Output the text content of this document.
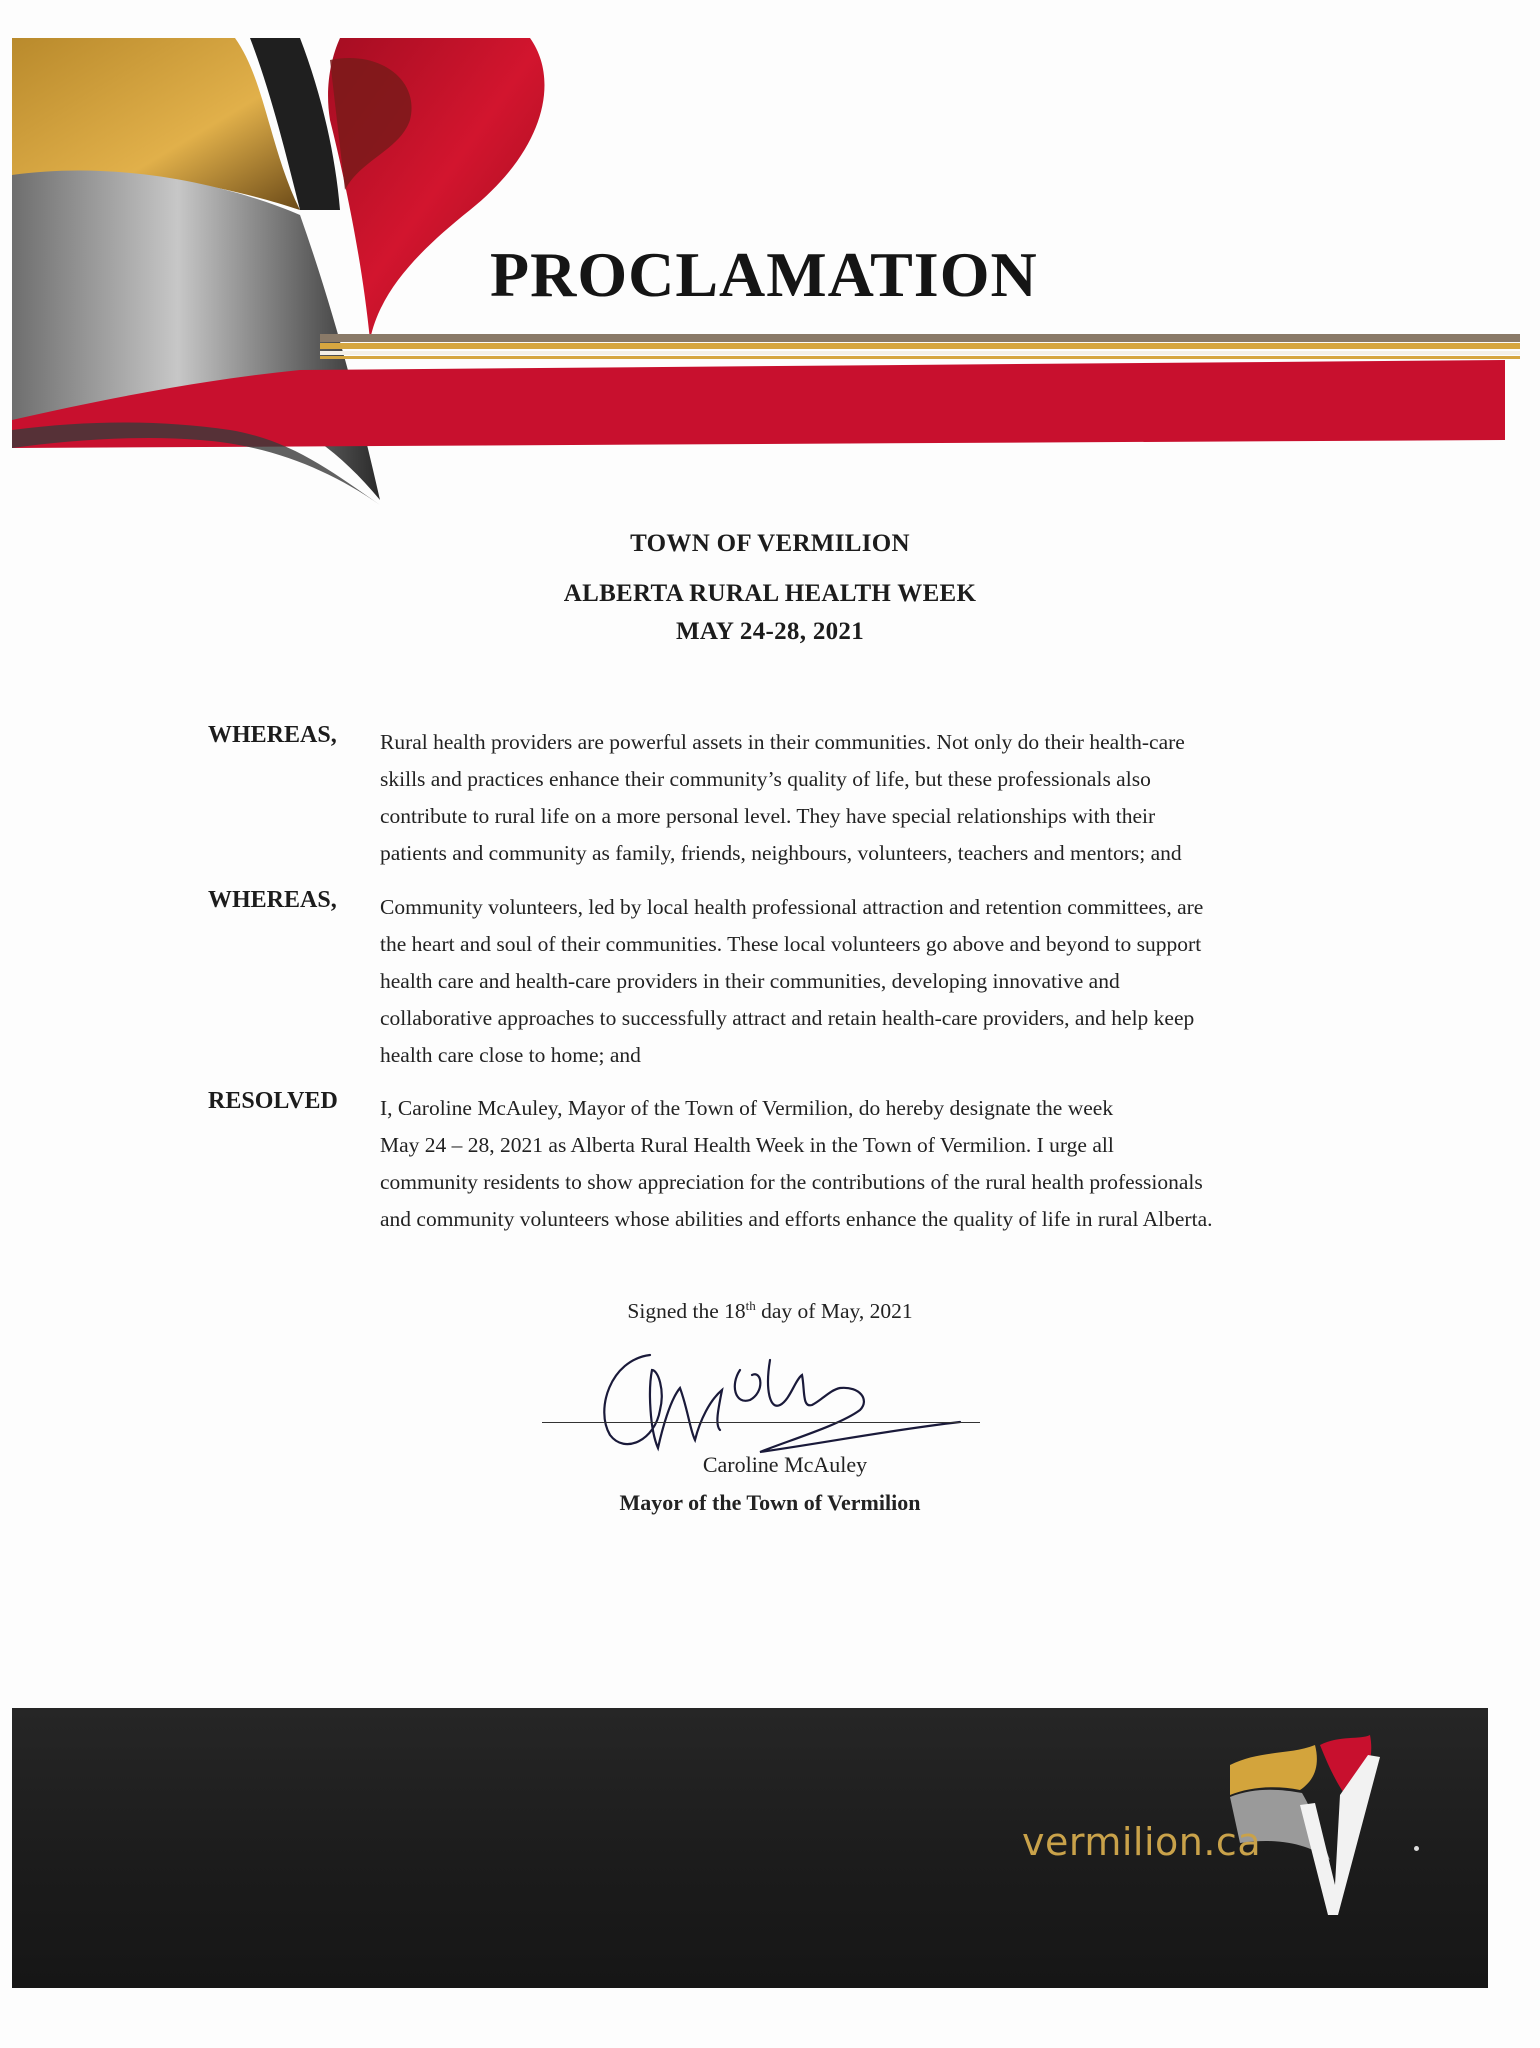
PROCLAMATION
TOWN OF VERMILION
ALBERTA RURAL HEALTH WEEK
MAY 24-28, 2021
WHEREAS, Rural health providers are powerful assets in their communities. Not only do their health-care
skills and practices enhance their community’s quality of life, but these professionals also
contribute to rural life on a more personal level. They have special relationships with their
patients and community as family, friends, neighbours, volunteers, teachers and mentors; and
WHEREAS, Community volunteers, led by local health professional attraction and retention committees, are
the heart and soul of their communities. These local volunteers go above and beyond to support
health care and health-care providers in their communities, developing innovative and
collaborative approaches to successfully attract and retain health-care providers, and help keep
health care close to home; and
RESOLVED I, Caroline McAuley, Mayor of the Town of Vermilion, do hereby designate the week
May 24 – 28, 2021 as Alberta Rural Health Week in the Town of Vermilion. I urge all
community residents to show appreciation for the contributions of the rural health professionals
and community volunteers whose abilities and efforts enhance the quality of life in rural Alberta.
Signed the 18th day of May, 2021
Caroline McAuley
Mayor of the Town of Vermilion
vermilion.ca
